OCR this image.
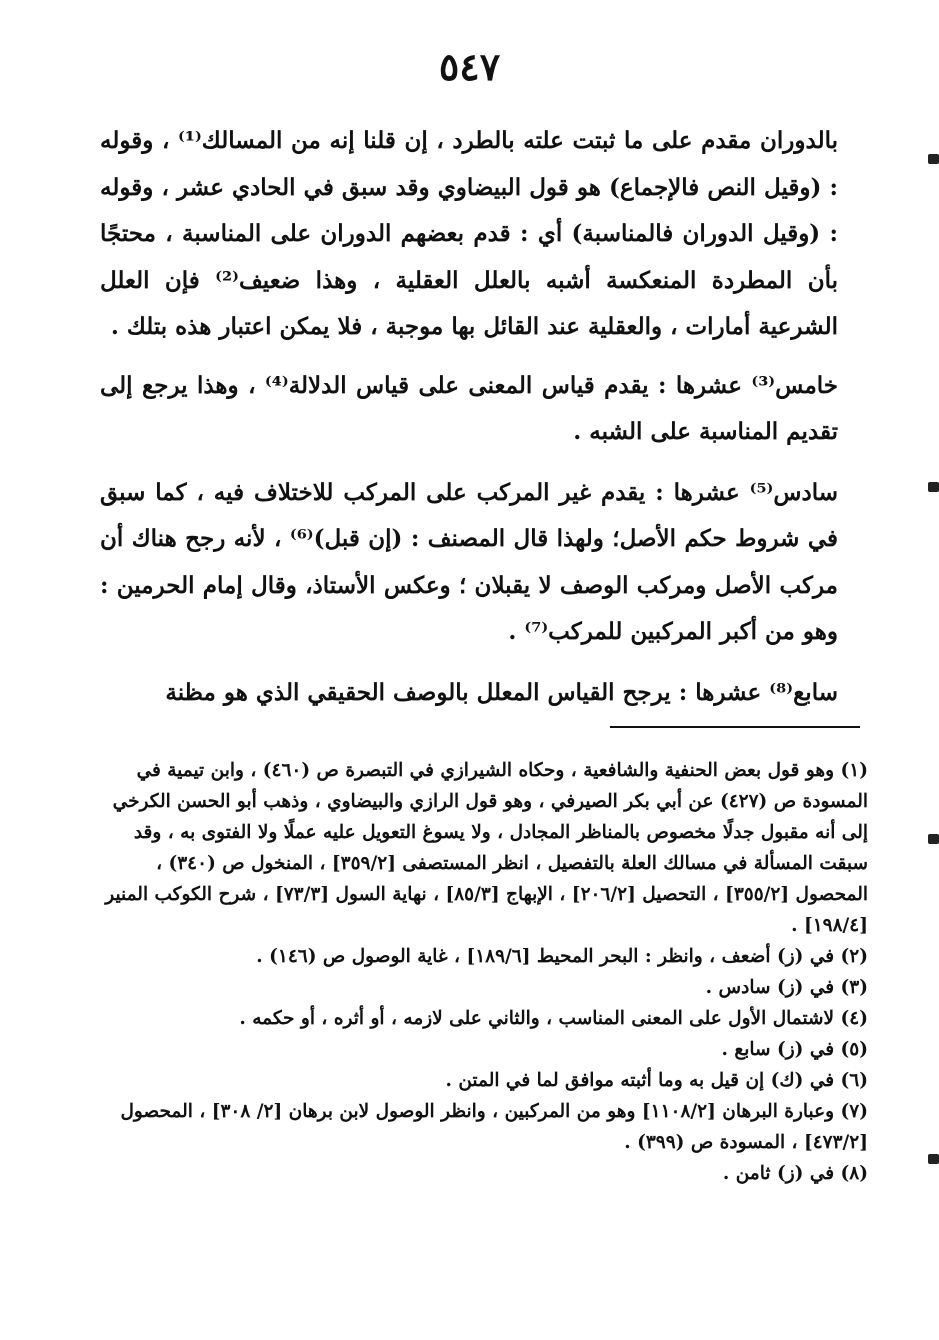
٥٤٧

بالدوران مقدم على ما ثبتت علته بالطرد ، إن قلنا إنه من المسالك⁽¹⁾ ، وقوله : (وقيل النص فالإجماع) هو قول البيضاوي وقد سبق في الحادي عشر ، وقوله : (وقيل الدوران فالمناسبة) أي : قدم بعضهم الدوران على المناسبة ، محتجًا بأن المطردة المنعكسة أشبه بالعلل العقلية ، وهذا ضعيف⁽²⁾ فإن العلل الشرعية أمارات ، والعقلية عند القائل بها موجبة ، فلا يمكن اعتبار هذه بتلك .

خامس⁽³⁾ عشرها : يقدم قياس المعنى على قياس الدلالة⁽⁴⁾ ، وهذا يرجع إلى تقديم المناسبة على الشبه .

سادس⁽⁵⁾ عشرها : يقدم غير المركب على المركب للاختلاف فيه ، كما سبق في شروط حكم الأصل؛ ولهذا قال المصنف : (إن قبل)⁽⁶⁾ ، لأنه رجح هناك أن مركب الأصل ومركب الوصف لا يقبلان ؛ وعكس الأستاذ، وقال إمام الحرمين : وهو من أكبر المركبين للمركب⁽⁷⁾ .

سابع⁽⁸⁾ عشرها : يرجح القياس المعلل بالوصف الحقيقي الذي هو مظنة

(١) وهو قول بعض الحنفية والشافعية ، وحكاه الشيرازي في التبصرة ص (٤٦٠) ، وابن تيمية في المسودة ص (٤٢٧) عن أبي بكر الصيرفي ، وهو قول الرازي والبيضاوي ، وذهب أبو الحسن الكرخي إلى أنه مقبول جدلًا مخصوص بالمناظر المجادل ، ولا يسوغ التعويل عليه عملًا ولا الفتوى به ، وقد سبقت المسألة في مسالك العلة بالتفصيل ، انظر المستصفى [٣٥٩/٢] ، المنخول ص (٣٤٠) ، المحصول [٣٥٥/٢] ، التحصيل [٢٠٦/٢] ، الإبهاج [٨٥/٣] ، نهاية السول [٧٣/٣] ، شرح الكوكب المنير [١٩٨/٤] .

(٢) في (ز) أضعف ، وانظر : البحر المحيط [١٨٩/٦] ، غاية الوصول ص (١٤٦) .

(٣) في (ز) سادس .

(٤) لاشتمال الأول على المعنى المناسب ، والثاني على لازمه ، أو أثره ، أو حكمه .

(٥) في (ز) سابع .

(٦) في (ك) إن قيل به وما أثبته موافق لما في المتن .

(٧) وعبارة البرهان [١١٠٨/٢] وهو من المركبين ، وانظر الوصول لابن برهان [٢/ ٣٠٨] ، المحصول [٤٧٣/٢] ، المسودة ص (٣٩٩) .

(٨) في (ز) ثامن .
